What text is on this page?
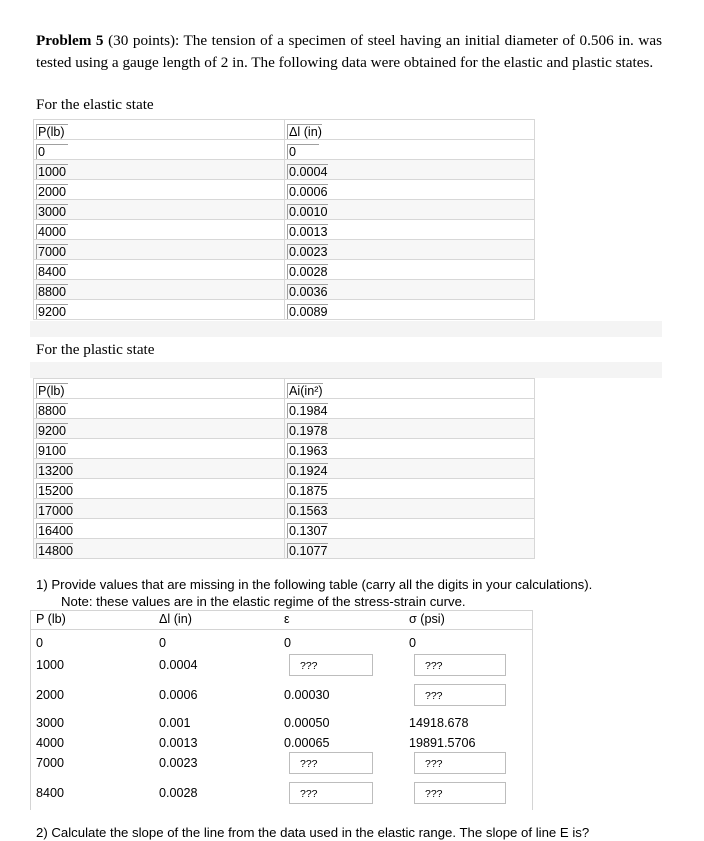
Problem 5 (30 points): The tension of a specimen of steel having an initial diameter of 0.506 in. was tested using a gauge length of 2 in. The following data were obtained for the elastic and plastic states.
For the elastic state
P(lb)	Δl (in)
0	0
1000	0.0004
2000	0.0006
3000	0.0010
4000	0.0013
7000	0.0023
8400	0.0028
8800	0.0036
9200	0.0089
For the plastic state
P(lb)	Ai(in²)
8800	0.1984
9200	0.1978
9100	0.1963
13200	0.1924
15200	0.1875
17000	0.1563
16400	0.1307
14800	0.1077
1) Provide values that are missing in the following table (carry all the digits in your calculations).
Note: these values are in the elastic regime of the stress-strain curve.
P (lb)	Δl (in)	ε	σ (psi)
0	0	0	0
1000	0.0004	???	???
2000	0.0006	0.00030	???
3000	0.001	0.00050	14918.678
4000	0.0013	0.00065	19891.5706
7000	0.0023	???	???
8400	0.0028	???	???
2) Calculate the slope of the line from the data used in the elastic range. The slope of line E is?
